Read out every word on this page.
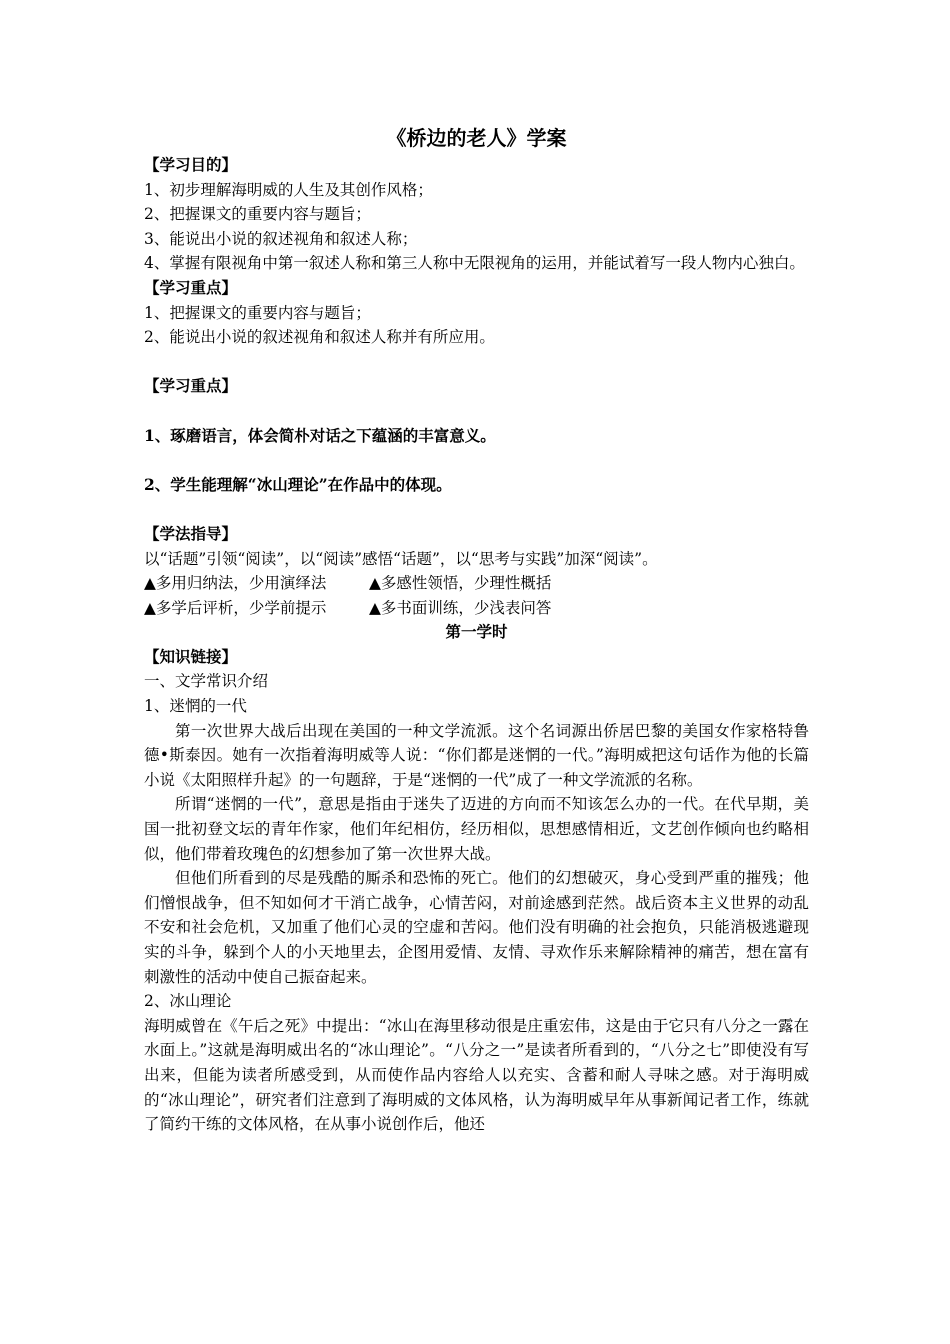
《桥边的老人》学案

【学习目的】

1、初步理解海明威的人生及其创作风格；

2、把握课文的重要内容与题旨；

3、能说出小说的叙述视角和叙述人称；

4、掌握有限视角中第一叙述人称和第三人称中无限视角的运用，并能试着写一段人物内心独白。

【学习重点】

1、把握课文的重要内容与题旨；

2、能说出小说的叙述视角和叙述人称并有所应用。

【学习重点】

1、琢磨语言，体会简朴对话之下蕴涵的丰富意义。

2、学生能理解“冰山理论”在作品中的体现。

【学法指导】

以“话题”引领“阅读”，以“阅读”感悟“话题”，以“思考与实践”加深“阅读”。

▲多用归纳法，少用演绎法	▲多感性领悟，少理性概括
▲多学后评析，少学前提示	▲多书面训练，少浅表问答

第一学时

【知识链接】

一、文学常识介绍

1、迷惘的一代

第一次世界大战后出现在美国的一种文学流派。这个名词源出侨居巴黎的美国女作家格特鲁德•斯泰因。她有一次指着海明威等人说：“你们都是迷惘的一代。”海明威把这句话作为他的长篇小说《太阳照样升起》的一句题辞，于是“迷惘的一代”成了一种文学流派的名称。

所谓“迷惘的一代”，意思是指由于迷失了迈进的方向而不知该怎么办的一代。在代早期，美国一批初登文坛的青年作家，他们年纪相仿，经历相似，思想感情相近，文艺创作倾向也约略相似，他们带着玫瑰色的幻想参加了第一次世界大战。

但他们所看到的尽是残酷的厮杀和恐怖的死亡。他们的幻想破灭，身心受到严重的摧残；他们憎恨战争，但不知如何才干消亡战争，心情苦闷，对前途感到茫然。战后资本主义世界的动乱不安和社会危机，又加重了他们心灵的空虚和苦闷。他们没有明确的社会抱负，只能消极逃避现实的斗争，躲到个人的小天地里去，企图用爱情、友情、寻欢作乐来解除精神的痛苦，想在富有刺激性的活动中使自己振奋起来。

2、冰山理论

海明威曾在《午后之死》中提出：“冰山在海里移动很是庄重宏伟，这是由于它只有八分之一露在水面上。”这就是海明威出名的“冰山理论”。“八分之一”是读者所看到的，“八分之七”即使没有写出来，但能为读者所感受到，从而使作品内容给人以充实、含蓄和耐人寻味之感。对于海明威的“冰山理论”，研究者们注意到了海明威的文体风格，认为海明威早年从事新闻记者工作，练就了简约干练的文体风格，在从事小说创作后，他还
